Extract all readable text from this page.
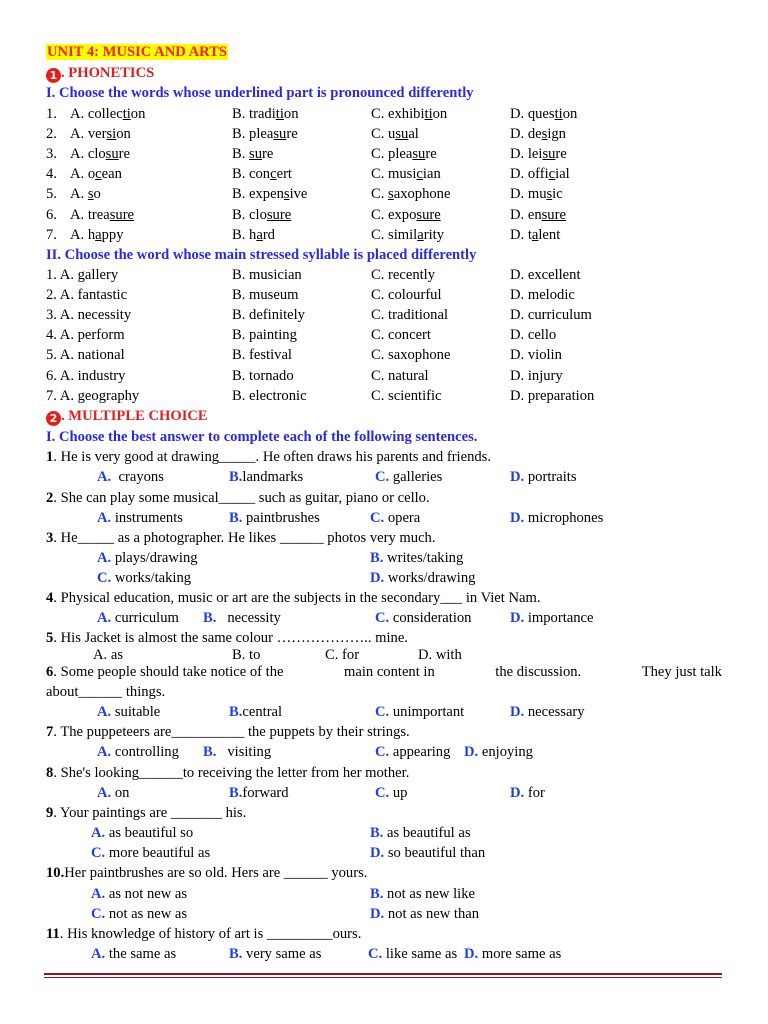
UNIT 4: MUSIC AND ARTS
1 . PHONETICS
I. Choose the words whose underlined part is pronounced differently
1. A. collection	B. tradition	C. exhibition	D. question
2. A. version	B. pleasure	C. usual	D. design
3. A. closure	B. sure	C. pleasure	D. leisure
4. A. ocean	B. concert	C. musician	D. official
5. A. so	B. expensive	C. saxophone	D. music
6. A. treasure	B. closure	C. exposure	D. ensure
7. A. happy	B. hard	C. similarity	D. talent
II. Choose the word whose main stressed syllable is placed differently
1. A. gallery	B. musician	C. recently	D. excellent
2. A. fantastic	B. museum	C. colourful	D. melodic
3. A. necessity	B. definitely	C. traditional	D. curriculum
4. A. perform	B. painting	C. concert	D. cello
5. A. national	B. festival	C. saxophone	D. violin
6. A. industry	B. tornado	C. natural	D. injury
7. A. geography	B. electronic	C. scientific	D. preparation
2 . MULTIPLE CHOICE
I. Choose the best answer to complete each of the following sentences.
1. He is very good at drawing_____. He often draws his parents and friends.
A. crayons	B.landmarks	C. galleries	D. portraits
2. She can play some musical_____ such as guitar, piano or cello.
A. instruments	B. paintbrushes	C. opera	D. microphones
3. He_____ as a photographer. He likes ______ photos very much.
A. plays/drawing	B. writes/taking
C. works/taking	D. works/drawing
4. Physical education, music or art are the subjects in the secondary___ in Viet Nam.
A. curriculum B. necessity	C. consideration	D. importance
5. His Jacket is almost the same colour ……………….. mine.
A. as	B. to	C. for	D. with
6. Some people should take notice of the	main content in	the discussion.	They just talk
about______ things.
A. suitable	B.central	C. unimportant	D. necessary
7. The puppeteers are__________ the puppets by their strings.
A. controlling B. visiting	C. appearing D. enjoying
8. She's looking______to receiving the letter from her mother.
A. on	B.forward	C. up	D. for
9. Your paintings are _______ his.
A. as beautiful so	B. as beautiful as
C. more beautiful as	D. so beautiful than
10.Her paintbrushes are so old. Hers are ______ yours.
A. as not new as	B. not as new like
C. not as new as	D. not as new than
11. His knowledge of history of art is _________ours.
A. the same as	B. very same as	C. like same as D. more same as
